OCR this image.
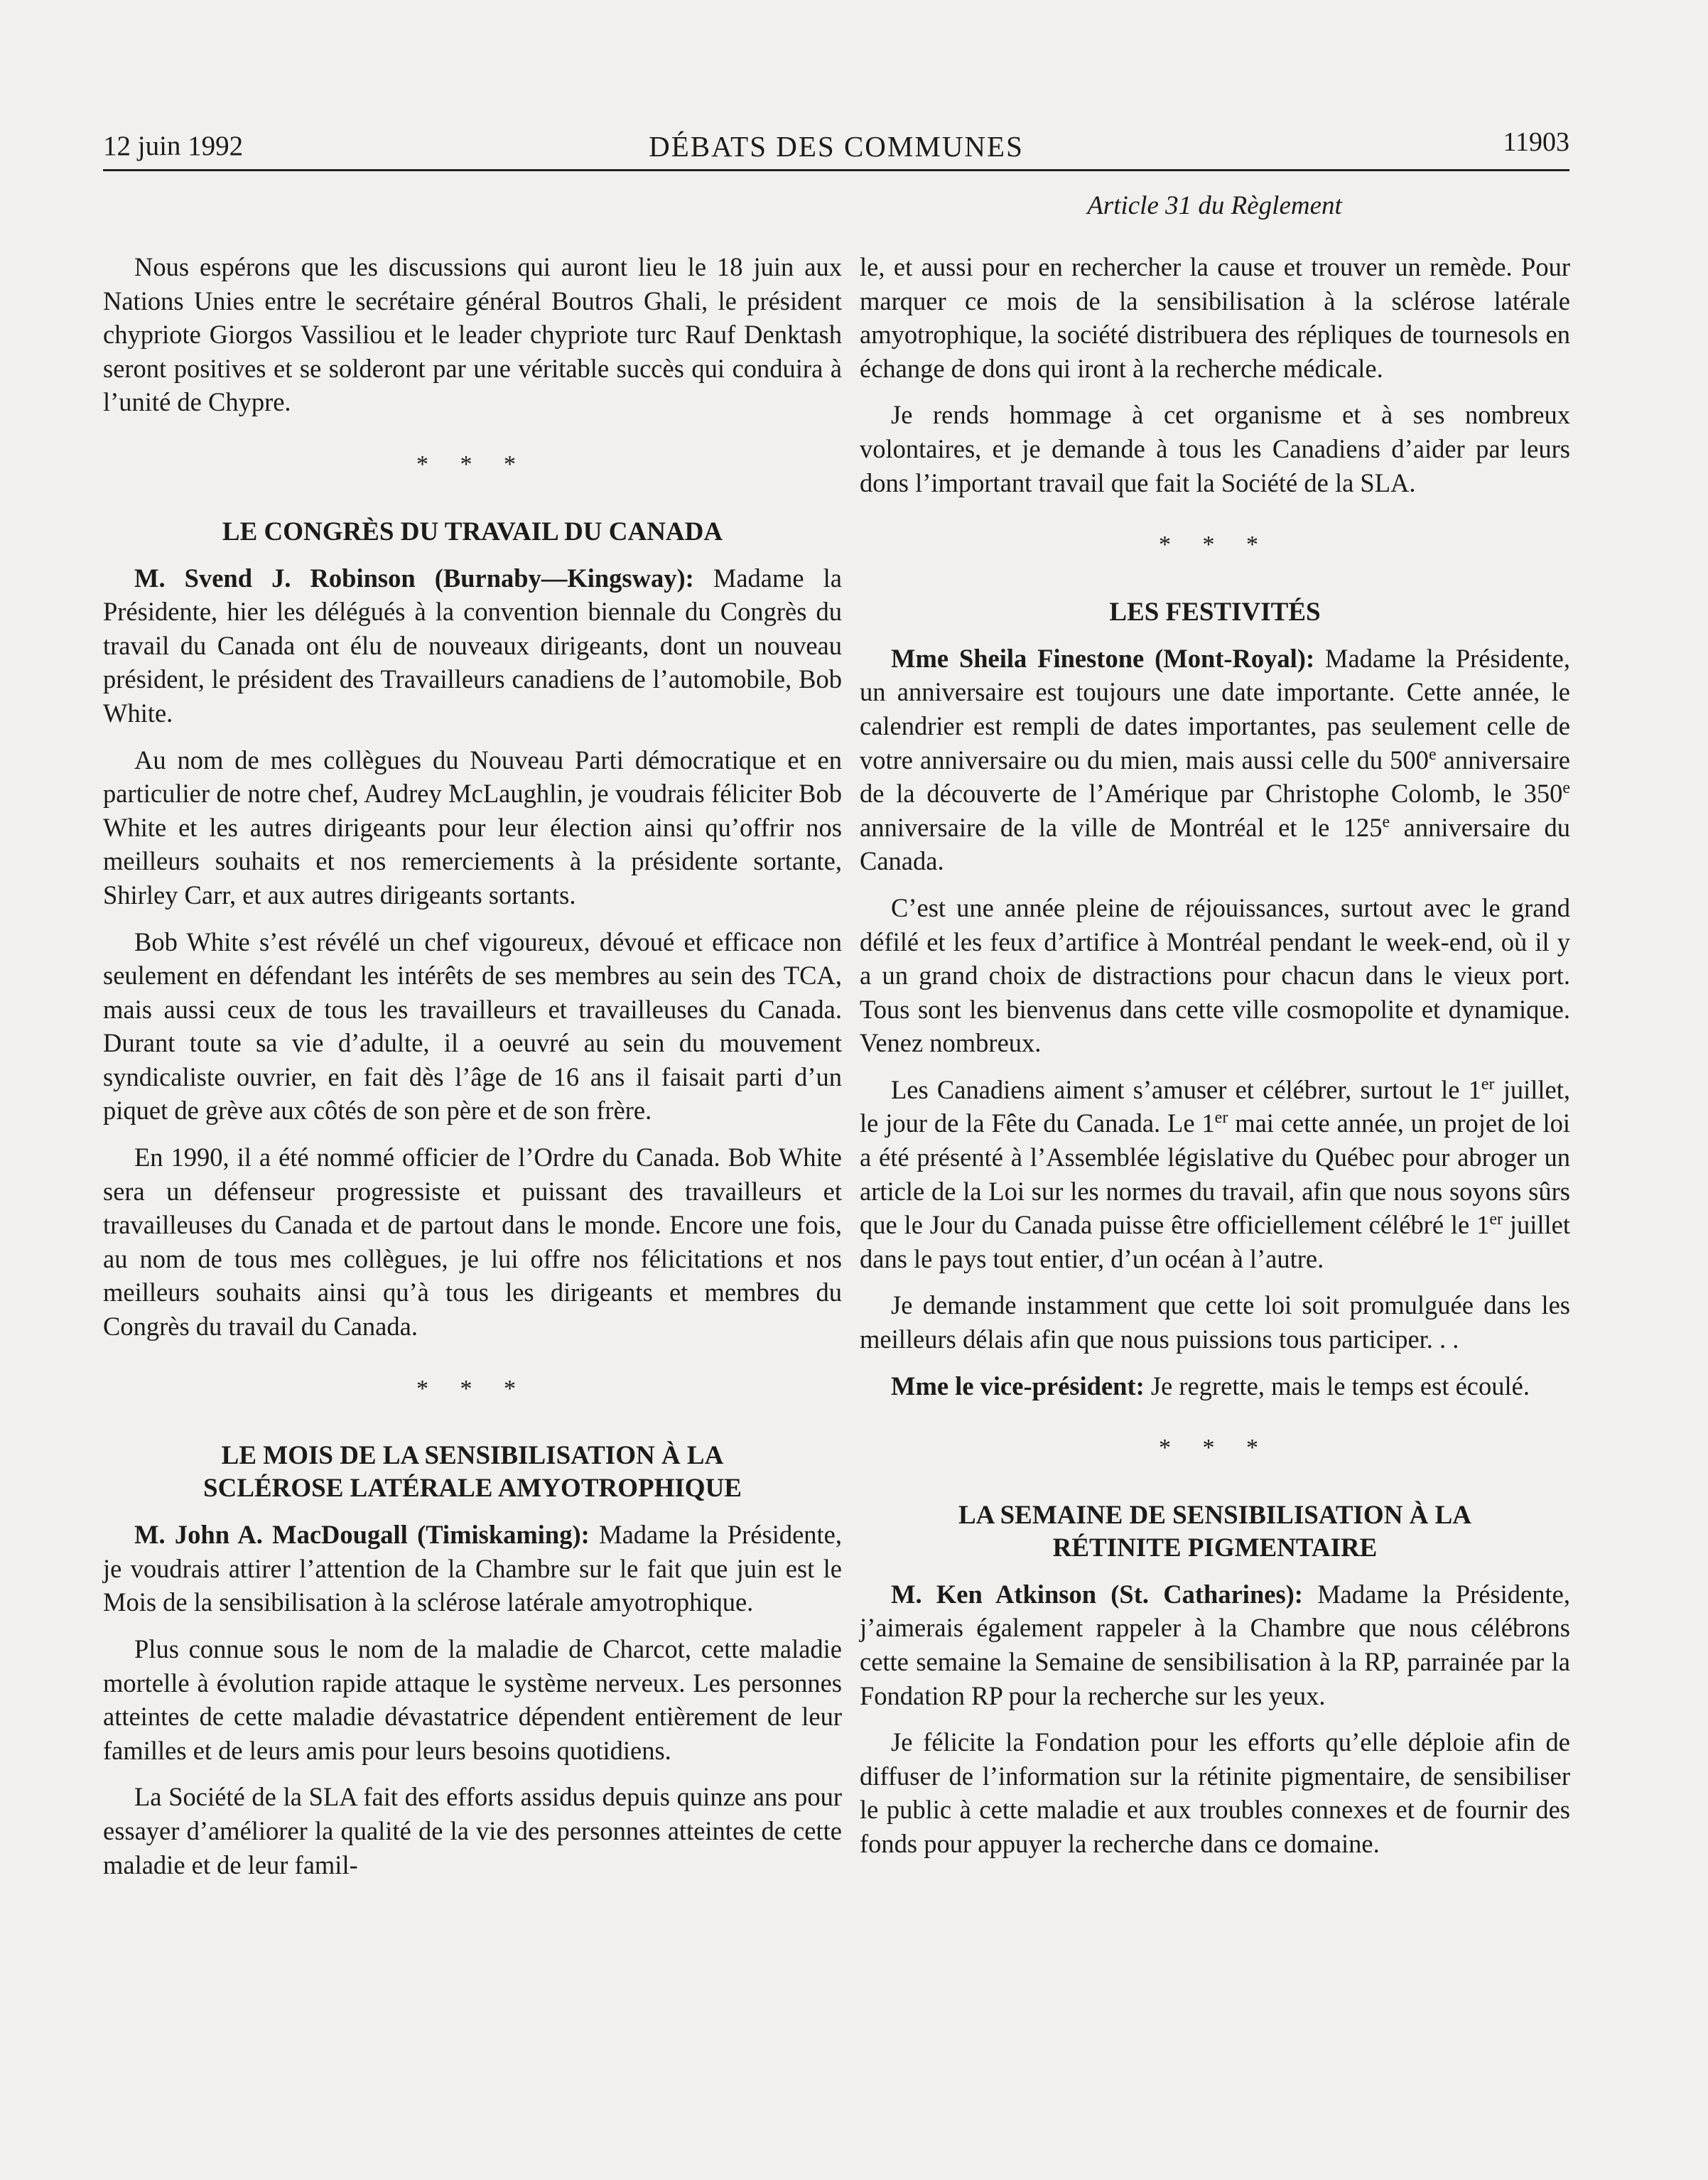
12 juin 1992	DÉBATS DES COMMUNES	11903
Article 31 du Règlement

Nous espérons que les discussions qui auront lieu le 18 juin aux Nations Unies entre le secrétaire général Boutros Ghali, le président chypriote Giorgos Vassiliou et le leader chypriote turc Rauf Denktash seront positives et se solderont par une véritable succès qui conduira à l’unité de Chypre.

* * *
LE CONGRÈS DU TRAVAIL DU CANADA

M. Svend J. Robinson (Burnaby—Kingsway): Madame la Présidente, hier les délégués à la convention biennale du Congrès du travail du Canada ont élu de nouveaux dirigeants, dont un nouveau président, le président des Travailleurs canadiens de l’automobile, Bob White.

Au nom de mes collègues du Nouveau Parti démocratique et en particulier de notre chef, Audrey McLaughlin, je voudrais féliciter Bob White et les autres dirigeants pour leur élection ainsi qu’offrir nos meilleurs souhaits et nos remerciements à la présidente sortante, Shirley Carr, et aux autres dirigeants sortants.

Bob White s’est révélé un chef vigoureux, dévoué et efficace non seulement en défendant les intérêts de ses membres au sein des TCA, mais aussi ceux de tous les travailleurs et travailleuses du Canada. Durant toute sa vie d’adulte, il a oeuvré au sein du mouvement syndicaliste ouvrier, en fait dès l’âge de 16 ans il faisait parti d’un piquet de grève aux côtés de son père et de son frère.

En 1990, il a été nommé officier de l’Ordre du Canada. Bob White sera un défenseur progressiste et puissant des travailleurs et travailleuses du Canada et de partout dans le monde. Encore une fois, au nom de tous mes collègues, je lui offre nos félicitations et nos meilleurs souhaits ainsi qu’à tous les dirigeants et membres du Congrès du travail du Canada.

* * *
LE MOIS DE LA SENSIBILISATION À LA
SCLÉROSE LATÉRALE AMYOTROPHIQUE

M. John A. MacDougall (Timiskaming): Madame la Présidente, je voudrais attirer l’attention de la Chambre sur le fait que juin est le Mois de la sensibilisation à la sclérose latérale amyotrophique.

Plus connue sous le nom de la maladie de Charcot, cette maladie mortelle à évolution rapide attaque le système nerveux. Les personnes atteintes de cette maladie dévastatrice dépendent entièrement de leur familles et de leurs amis pour leurs besoins quotidiens.

La Société de la SLA fait des efforts assidus depuis quinze ans pour essayer d’améliorer la qualité de la vie des personnes atteintes de cette maladie et de leur famil-

le, et aussi pour en rechercher la cause et trouver un remède. Pour marquer ce mois de la sensibilisation à la sclérose latérale amyotrophique, la société distribuera des répliques de tournesols en échange de dons qui iront à la recherche médicale.

Je rends hommage à cet organisme et à ses nombreux volontaires, et je demande à tous les Canadiens d’aider par leurs dons l’important travail que fait la Société de la SLA.

* * *
LES FESTIVITÉS

Mme Sheila Finestone (Mont-Royal): Madame la Présidente, un anniversaire est toujours une date importante. Cette année, le calendrier est rempli de dates importantes, pas seulement celle de votre anniversaire ou du mien, mais aussi celle du 500e anniversaire de la découverte de l’Amérique par Christophe Colomb, le 350e anniversaire de la ville de Montréal et le 125e anniversaire du Canada.

C’est une année pleine de réjouissances, surtout avec le grand défilé et les feux d’artifice à Montréal pendant le week-end, où il y a un grand choix de distractions pour chacun dans le vieux port. Tous sont les bienvenus dans cette ville cosmopolite et dynamique. Venez nombreux.

Les Canadiens aiment s’amuser et célébrer, surtout le 1er juillet, le jour de la Fête du Canada. Le 1er mai cette année, un projet de loi a été présenté à l’Assemblée législative du Québec pour abroger un article de la Loi sur les normes du travail, afin que nous soyons sûrs que le Jour du Canada puisse être officiellement célébré le 1er juillet dans le pays tout entier, d’un océan à l’autre.

Je demande instamment que cette loi soit promulguée dans les meilleurs délais afin que nous puissions tous participer. . .

Mme le vice-président: Je regrette, mais le temps est écoulé.

* * *
LA SEMAINE DE SENSIBILISATION À LA
RÉTINITE PIGMENTAIRE

M. Ken Atkinson (St. Catharines): Madame la Présidente, j’aimerais également rappeler à la Chambre que nous célébrons cette semaine la Semaine de sensibilisation à la RP, parrainée par la Fondation RP pour la recherche sur les yeux.

Je félicite la Fondation pour les efforts qu’elle déploie afin de diffuser de l’information sur la rétinite pigmentaire, de sensibiliser le public à cette maladie et aux troubles connexes et de fournir des fonds pour appuyer la recherche dans ce domaine.
